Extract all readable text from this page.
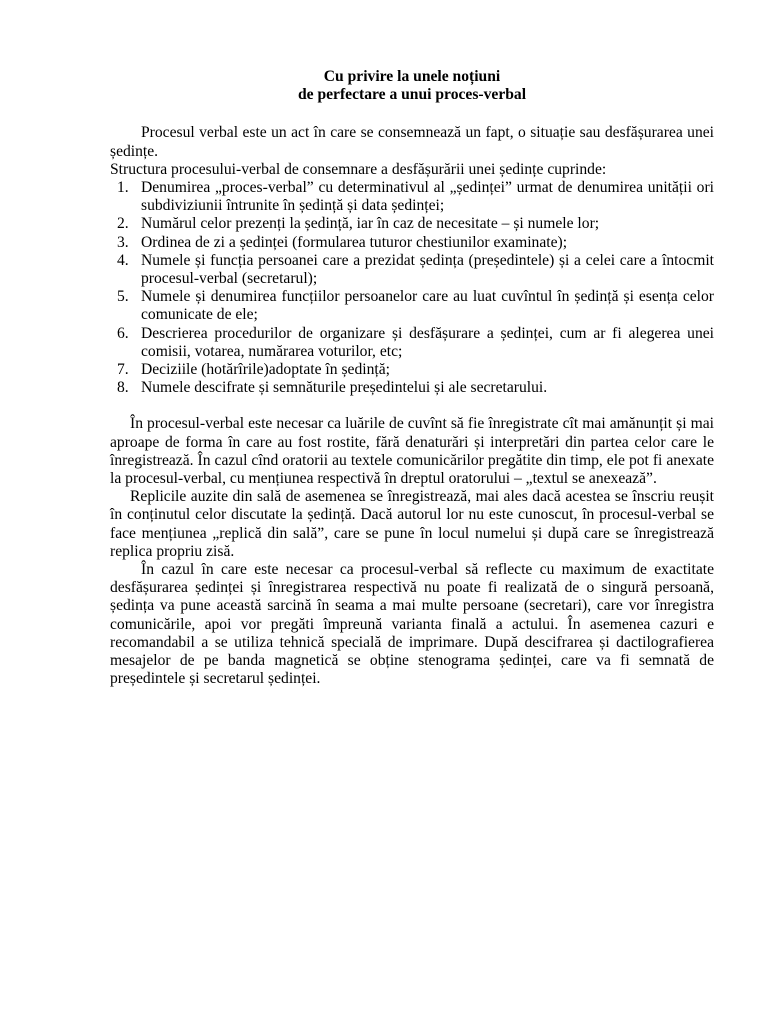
Cu privire la unele noțiuni
de perfectare a unui proces-verbal

Procesul verbal este un act în care se consemnează un fapt, o situație sau desfășurarea unei ședințe.

Structura procesului-verbal de consemnare a desfășurării unei ședințe cuprinde:

1. Denumirea „proces-verbal” cu determinativul al „ședinței” urmat de denumirea unității ori subdiviziunii întrunite în ședință și data ședinței;
2. Numărul celor prezenți la ședință, iar în caz de necesitate – și numele lor;
3. Ordinea de zi a ședinței (formularea tuturor chestiunilor examinate);
4. Numele și funcția persoanei care a prezidat ședința (președintele) și a celei care a întocmit procesul-verbal (secretarul);
5. Numele și denumirea funcțiilor persoanelor care au luat cuvîntul în ședință și esența celor comunicate de ele;
6. Descrierea procedurilor de organizare și desfășurare a ședinței, cum ar fi alegerea unei comisii, votarea, numărarea voturilor, etc;
7. Deciziile (hotărîrile)adoptate în ședință;
8. Numele descifrate și semnăturile președintelui și ale secretarului.

În procesul-verbal este necesar ca luările de cuvînt să fie înregistrate cît mai amănunțit și mai aproape de forma în care au fost rostite, fără denaturări și interpretări din partea celor care le înregistrează. În cazul cînd oratorii au textele comunicărilor pregătite din timp, ele pot fi anexate la procesul-verbal, cu mențiunea respectivă în dreptul oratorului – „textul se anexează”.

Replicile auzite din sală de asemenea se înregistrează, mai ales dacă acestea se înscriu reușit în conținutul celor discutate la ședință. Dacă autorul lor nu este cunoscut, în procesul-verbal se face mențiunea „replică din sală”, care se pune în locul numelui și după care se înregistrează replica propriu zisă.

În cazul în care este necesar ca procesul-verbal să reflecte cu maximum de exactitate desfășurarea ședinței și înregistrarea respectivă nu poate fi realizată de o singură persoană, ședința va pune această sarcină în seama a mai multe persoane (secretari), care vor înregistra comunicările, apoi vor pregăti împreună varianta finală a actului. În asemenea cazuri e recomandabil a se utiliza tehnică specială de imprimare. După descifrarea și dactilografierea mesajelor de pe banda magnetică se obține stenograma ședinței, care va fi semnată de președintele și secretarul ședinței.
